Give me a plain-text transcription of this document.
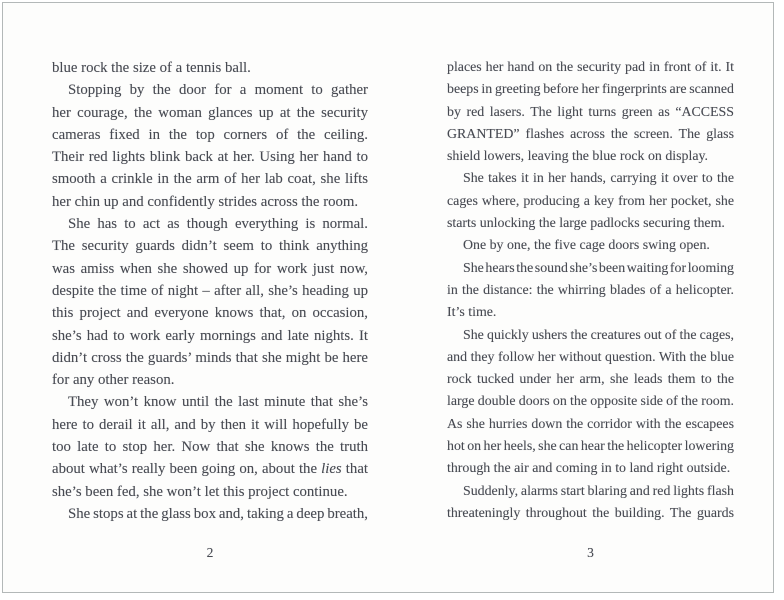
blue rock the size of a tennis ball.
Stopping by the door for a moment to gather
her courage, the woman glances up at the security
cameras fixed in the top corners of the ceiling.
Their red lights blink back at her. Using her hand to
smooth a crinkle in the arm of her lab coat, she lifts
her chin up and confidently strides across the room.
She has to act as though everything is normal.
The security guards didn’t seem to think anything
was amiss when she showed up for work just now,
despite the time of night – after all, she’s heading up
this project and everyone knows that, on occasion,
she’s had to work early mornings and late nights. It
didn’t cross the guards’ minds that she might be here
for any other reason.
They won’t know until the last minute that she’s
here to derail it all, and by then it will hopefully be
too late to stop her. Now that she knows the truth
about what’s really been going on, about the lies that
she’s been fed, she won’t let this project continue.
She stops at the glass box and, taking a deep breath,
2
places her hand on the security pad in front of it. It
beeps in greeting before her fingerprints are scanned
by red lasers. The light turns green as “ACCESS
GRANTED” flashes across the screen. The glass
shield lowers, leaving the blue rock on display.
She takes it in her hands, carrying it over to the
cages where, producing a key from her pocket, she
starts unlocking the large padlocks securing them.
One by one, the five cage doors swing open.
She hears the sound she’s been waiting for looming
in the distance: the whirring blades of a helicopter.
It’s time.
She quickly ushers the creatures out of the cages,
and they follow her without question. With the blue
rock tucked under her arm, she leads them to the
large double doors on the opposite side of the room.
As she hurries down the corridor with the escapees
hot on her heels, she can hear the helicopter lowering
through the air and coming in to land right outside.
Suddenly, alarms start blaring and red lights flash
threateningly throughout the building. The guards
3
